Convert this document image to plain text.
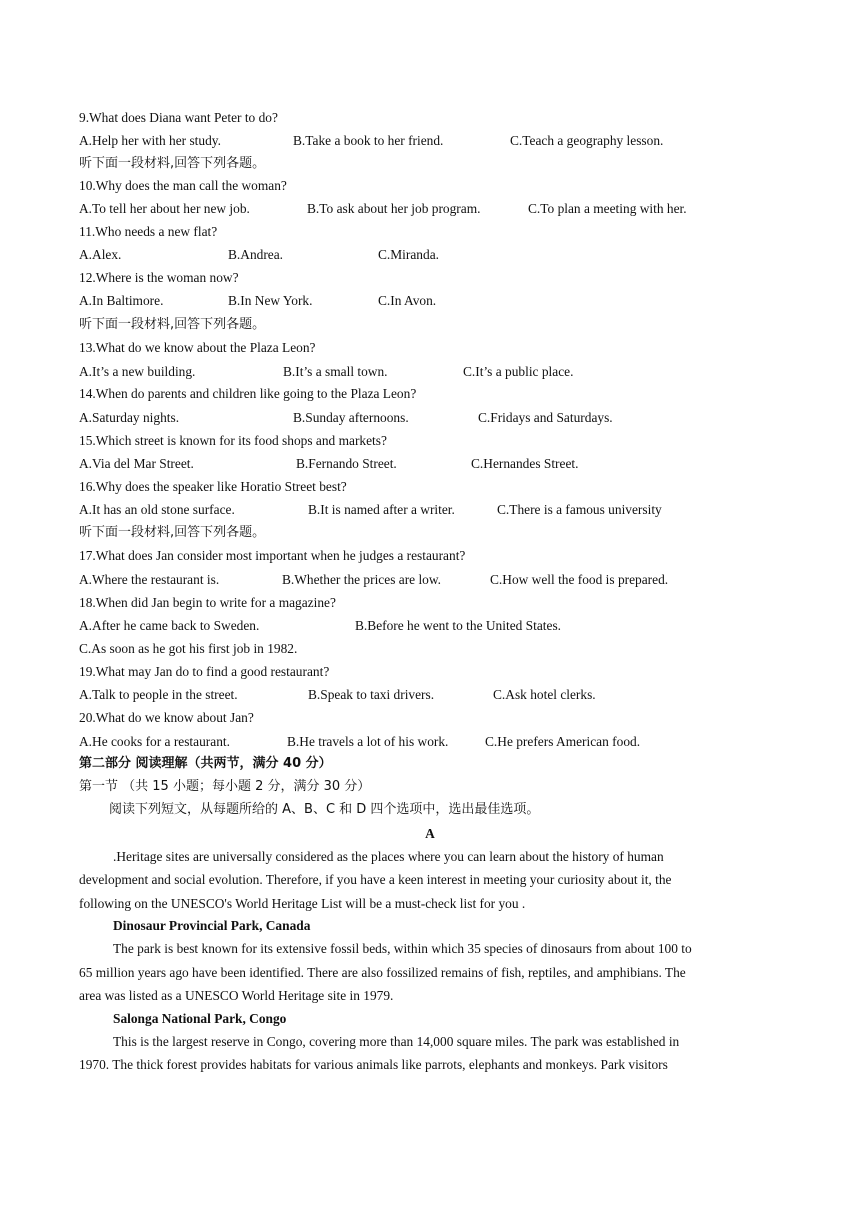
9.What does Diana want Peter to do?
A.Help her with her study.	B.Take a book to her friend.	C.Teach a geography lesson.
听下面一段材料,回答下列各题。
10.Why does the man call the woman?
A.To tell her about her new job.	B.To ask about her job program.	C.To plan a meeting with her.
11.Who needs a new flat?
A.Alex.	B.Andrea.	C.Miranda.
12.Where is the woman now?
A.In Baltimore.	B.In New York.	C.In Avon.
听下面一段材料,回答下列各题。
13.What do we know about the Plaza Leon?
A.It’s a new building.	B.It’s a small town.	C.It’s a public place.
14.When do parents and children like going to the Plaza Leon?
A.Saturday nights.	B.Sunday afternoons.	C.Fridays and Saturdays.
15.Which street is known for its food shops and markets?
A.Via del Mar Street.	B.Fernando Street.	C.Hernandes Street.
16.Why does the speaker like Horatio Street best?
A.It has an old stone surface.	B.It is named after a writer.	C.There is a famous university
听下面一段材料,回答下列各题。
17.What does Jan consider most important when he judges a restaurant?
A.Where the restaurant is.	B.Whether the prices are low.	C.How well the food is prepared.
18.When did Jan begin to write for a magazine?
A.After he came back to Sweden.	B.Before he went to the United States.
C.As soon as he got his first job in 1982.
19.What may Jan do to find a good restaurant?
A.Talk to people in the street.	B.Speak to taxi drivers.	C.Ask hotel clerks.
20.What do we know about Jan?
A.He cooks for a restaurant.	B.He travels a lot of his work.	C.He prefers American food.
第二部分 阅读理解（共两节，满分 40 分）
第一节 （共 15 小题；每小题 2 分，满分 30 分）
阅读下列短文，从每题所给的 A、B、C 和 D 四个选项中，选出最佳选项。
A
.Heritage sites are universally considered as the places where you can learn about the history of human
development and social evolution. Therefore, if you have a keen interest in meeting your curiosity about it, the
following on the UNESCO's World Heritage List will be a must-check list for you .
Dinosaur Provincial Park, Canada
The park is best known for its extensive fossil beds, within which 35 species of dinosaurs from about 100 to
65 million years ago have been identified. There are also fossilized remains of fish, reptiles, and amphibians. The
area was listed as a UNESCO World Heritage site in 1979.
Salonga National Park, Congo
This is the largest reserve in Congo, covering more than 14,000 square miles. The park was established in
1970. The thick forest provides habitats for various animals like parrots, elephants and monkeys. Park visitors
